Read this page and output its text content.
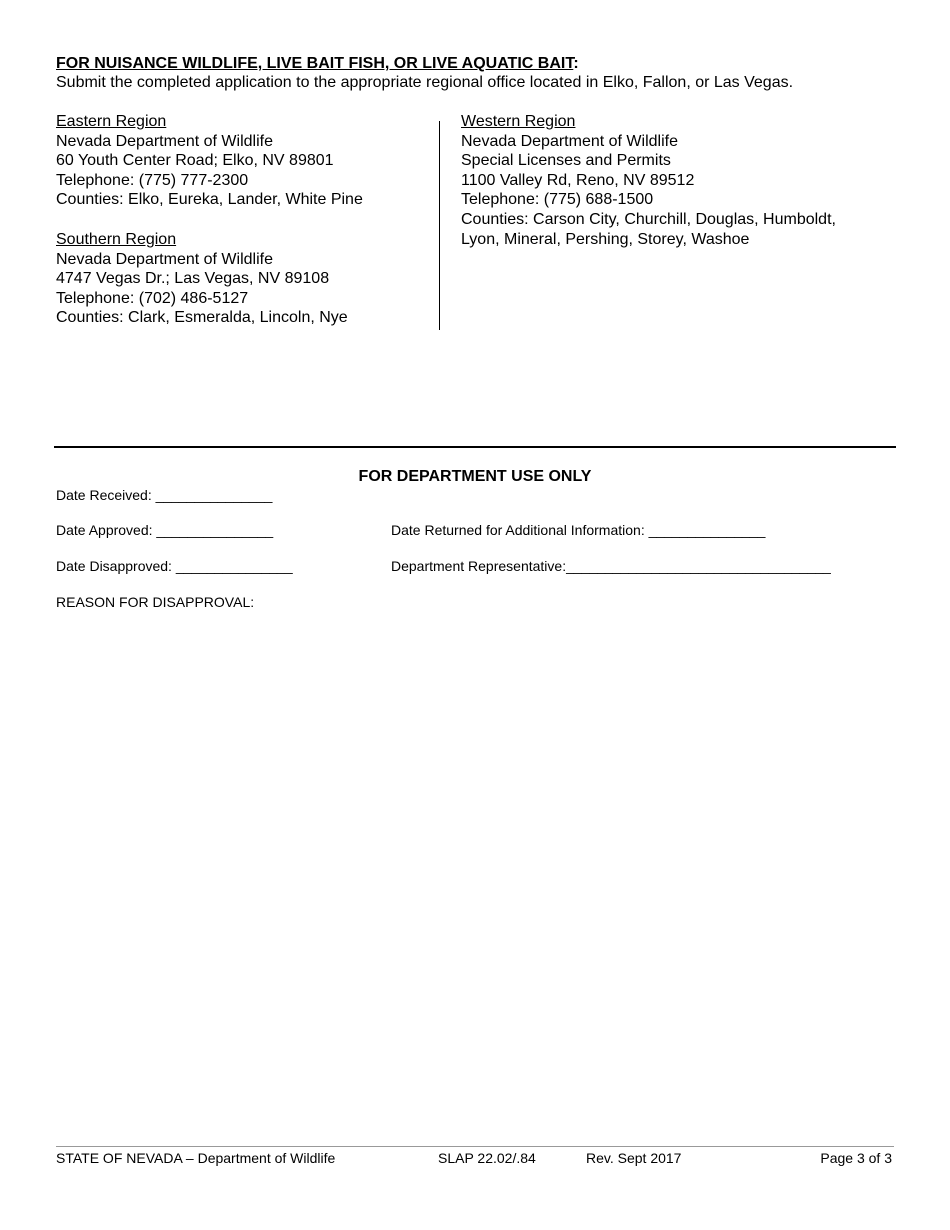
FOR NUISANCE WILDLIFE, LIVE BAIT FISH, OR LIVE AQUATIC BAIT:
Submit the completed application to the appropriate regional office located in Elko, Fallon, or Las Vegas.
Eastern Region
Nevada Department of Wildlife
60 Youth Center Road; Elko, NV 89801
Telephone: (775) 777-2300
Counties: Elko, Eureka, Lander, White Pine
Southern Region
Nevada Department of Wildlife
4747 Vegas Dr.; Las Vegas, NV 89108
Telephone: (702) 486-5127
Counties: Clark, Esmeralda, Lincoln, Nye
Western Region
Nevada Department of Wildlife
Special Licenses and Permits
1100 Valley Rd, Reno, NV 89512
Telephone: (775) 688-1500
Counties: Carson City, Churchill, Douglas, Humboldt,
Lyon, Mineral, Pershing, Storey, Washoe
FOR DEPARTMENT USE ONLY
Date Received: _______________
Date Approved: _______________	Date Returned for Additional Information: _______________
Date Disapproved: _______________	Department Representative:__________________________________
REASON FOR DISAPPROVAL:
STATE OF NEVADA – Department of Wildlife	SLAP 22.02/.84	Rev. Sept 2017	Page 3 of 3
